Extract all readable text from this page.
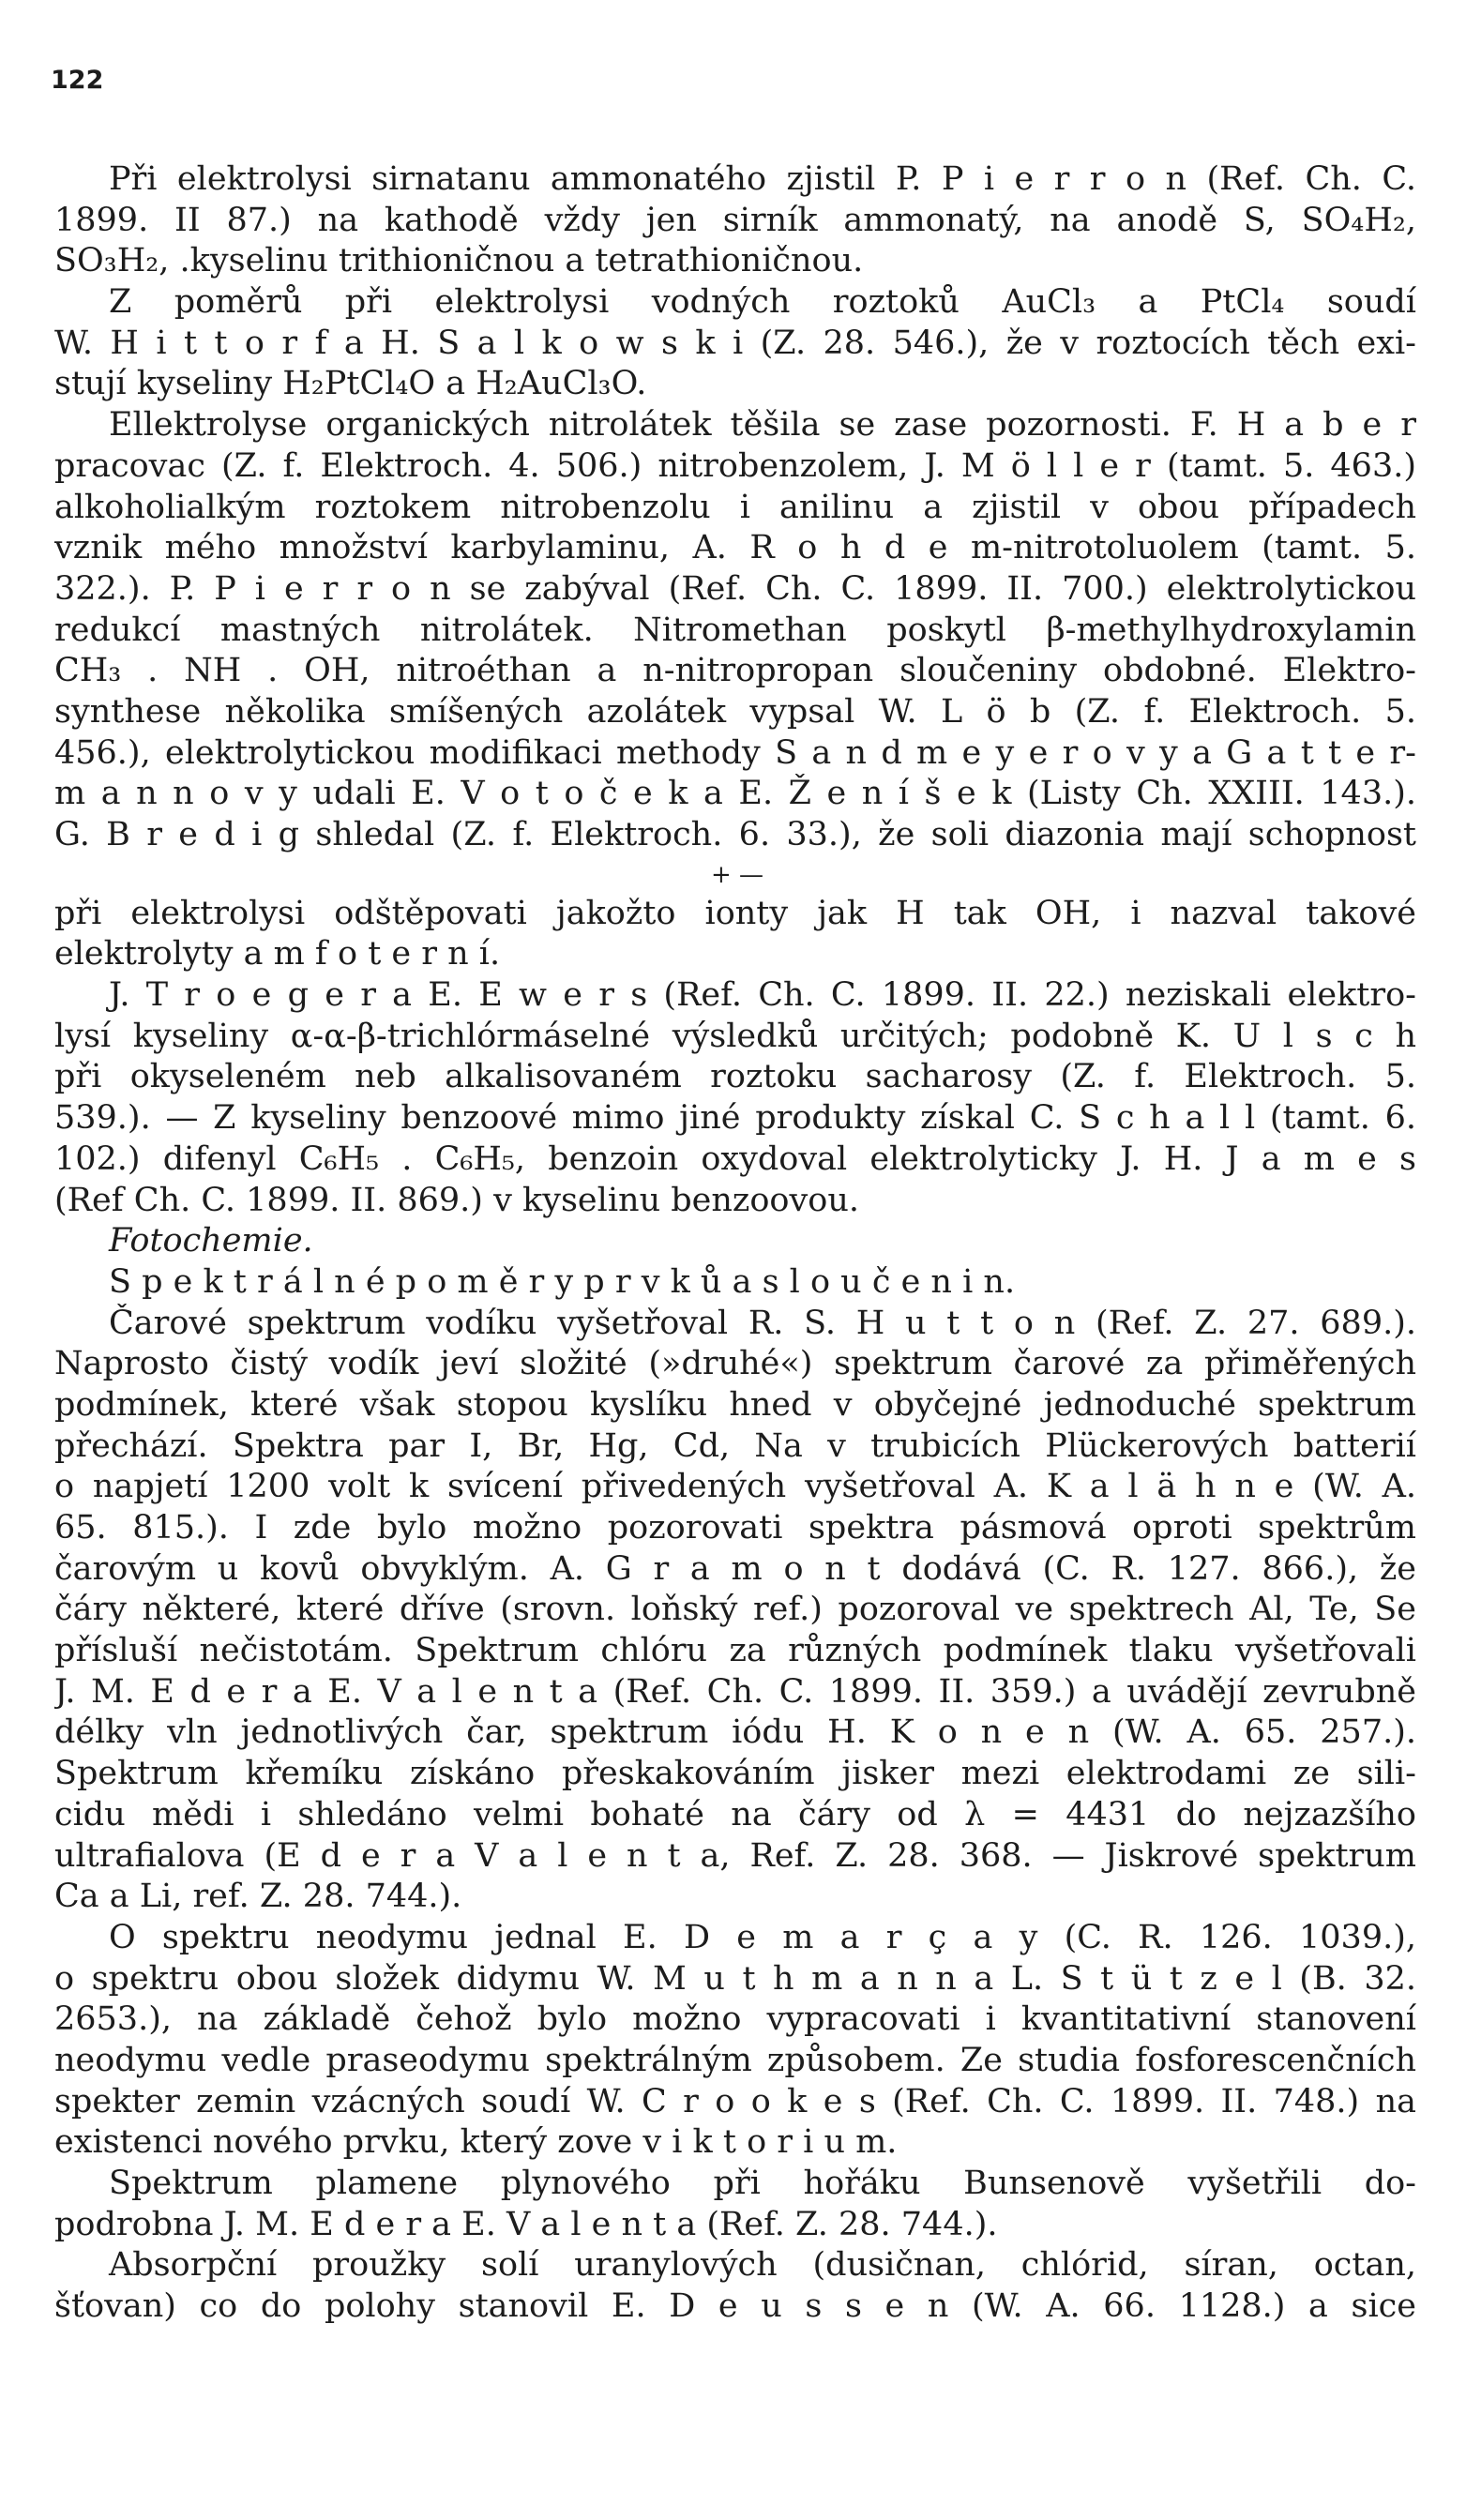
122
Při elektrolysi sirnatanu ammonatého zjistil P. P i e r r o n (Ref. Ch. C.
1899. II 87.) na kathodě vždy jen sirník ammonatý, na anodě S, SO₄H₂,
SO₃H₂, .kyselinu trithioničnou a tetrathioničnou.
Z poměrů při elektrolysi vodných roztoků AuCl₃ a PtCl₄ soudí
W. H i t t o r f a H. S a l k o w s k i (Z. 28. 546.), že v roztocích těch exi-
stují kyseliny H₂PtCl₄O a H₂AuCl₃O.
Ellektrolyse organických nitrolátek těšila se zase pozornosti. F. H a b e r
pracovac (Z. f. Elektroch. 4. 506.) nitrobenzolem, J. M ö l l e r (tamt. 5. 463.)
alkoholialkým roztokem nitrobenzolu i anilinu a zjistil v obou případech
vznik mého množství karbylaminu, A. R o h d e m-nitrotoluolem (tamt. 5.
322.). P. P i e r r o n se zabýval (Ref. Ch. C. 1899. II. 700.) elektrolytickou
redukcí mastných nitrolátek. Nitromethan poskytl β-methylhydroxylamin
CH₃ . NH . OH, nitroéthan a n-nitropropan sloučeniny obdobné. Elektro-
synthese několika smíšených azolátek vypsal W. L ö b (Z. f. Elektroch. 5.
456.), elektrolytickou modifikaci methody S a n d m e y e r o v y a G a t t e r-
m a n n o v y udali E. V o t o č e k a E. Ž e n í š e k (Listy Ch. XXIII. 143.).
G. B r e d i g shledal (Z. f. Elektroch. 6. 33.), že soli diazonia mají schopnost
+ —
při elektrolysi odštěpovati jakožto ionty jak H tak OH, i nazval takové
elektrolyty a m f o t e r n í.
J. T r o e g e r a E. E w e r s (Ref. Ch. C. 1899. II. 22.) neziskali elektro-
lysí kyseliny α-α-β-trichlórmáselné výsledků určitých; podobně K. U l s c h
při okyseleném neb alkalisovaném roztoku sacharosy (Z. f. Elektroch. 5.
539.). — Z kyseliny benzoové mimo jiné produkty získal C. S c h a l l (tamt. 6.
102.) difenyl C₆H₅ . C₆H₅, benzoin oxydoval elektrolyticky J. H. J a m e s
(Ref Ch. C. 1899. II. 869.) v kyselinu benzoovou.
Fotochemie.
S p e k t r á l n é p o m ě r y p r v k ů a s l o u č e n i n.
Čarové spektrum vodíku vyšetřoval R. S. H u t t o n (Ref. Z. 27. 689.).
Naprosto čistý vodík jeví složité (»druhé«) spektrum čarové za přiměřených
podmínek, které však stopou kyslíku hned v obyčejné jednoduché spektrum
přechází. Spektra par I, Br, Hg, Cd, Na v trubicích Plückerových batterií
o napjetí 1200 volt k svícení přivedených vyšetřoval A. K a l ä h n e (W. A.
65. 815.). I zde bylo možno pozorovati spektra pásmová oproti spektrům
čarovým u kovů obvyklým. A. G r a m o n t dodává (C. R. 127. 866.), že
čáry některé, které dříve (srovn. loňský ref.) pozoroval ve spektrech Al, Te, Se
přísluší nečistotám. Spektrum chlóru za různých podmínek tlaku vyšetřovali
J. M. E d e r a E. V a l e n t a (Ref. Ch. C. 1899. II. 359.) a uvádějí zevrubně
délky vln jednotlivých čar, spektrum iódu H. K o n e n (W. A. 65. 257.).
Spektrum křemíku získáno přeskakováním jisker mezi elektrodami ze sili-
cidu mědi i shledáno velmi bohaté na čáry od λ = 4431 do nejzazšího
ultrafialova (E d e r a V a l e n t a, Ref. Z. 28. 368. — Jiskrové spektrum
Ca a Li, ref. Z. 28. 744.).
O spektru neodymu jednal E. D e m a r ç a y (C. R. 126. 1039.),
o spektru obou složek didymu W. M u t h m a n n a L. S t ü t z e l (B. 32.
2653.), na základě čehož bylo možno vypracovati i kvantitativní stanovení
neodymu vedle praseodymu spektrálným způsobem. Ze studia fosforescenčních
spekter zemin vzácných soudí W. C r o o k e s (Ref. Ch. C. 1899. II. 748.) na
existenci nového prvku, který zove v i k t o r i u m.
Spektrum plamene plynového při hořáku Bunsenově vyšetřili do-
podrobna J. M. E d e r a E. V a l e n t a (Ref. Z. 28. 744.).
Absorpční proužky solí uranylových (dusičnan, chlórid, síran, octan,
šťovan) co do polohy stanovil E. D e u s s e n (W. A. 66. 1128.) a sice
